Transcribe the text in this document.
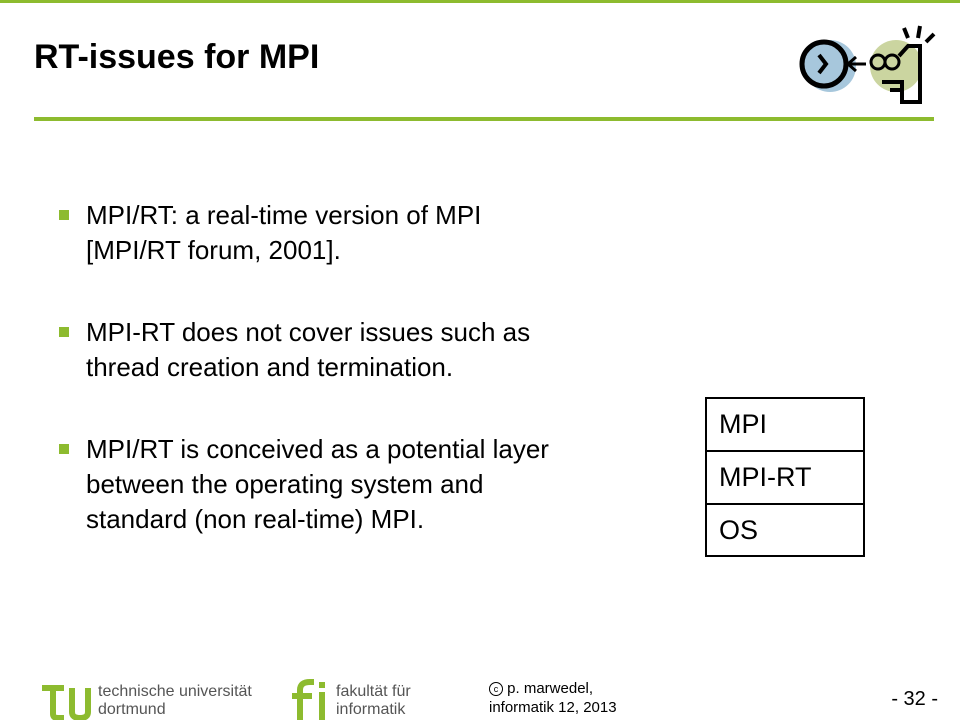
RT-issues for MPI
MPI/RT: a real-time version of MPI
[MPI/RT forum, 2001].
MPI-RT does not cover issues such as
thread creation and termination.
MPI/RT is conceived as a potential layer
between the operating system and
standard (non real-time) MPI.
MPI
MPI-RT
OS
technische universität
dortmund
fakultät für
informatik
c p. marwedel,
informatik 12, 2013	- 32 -
